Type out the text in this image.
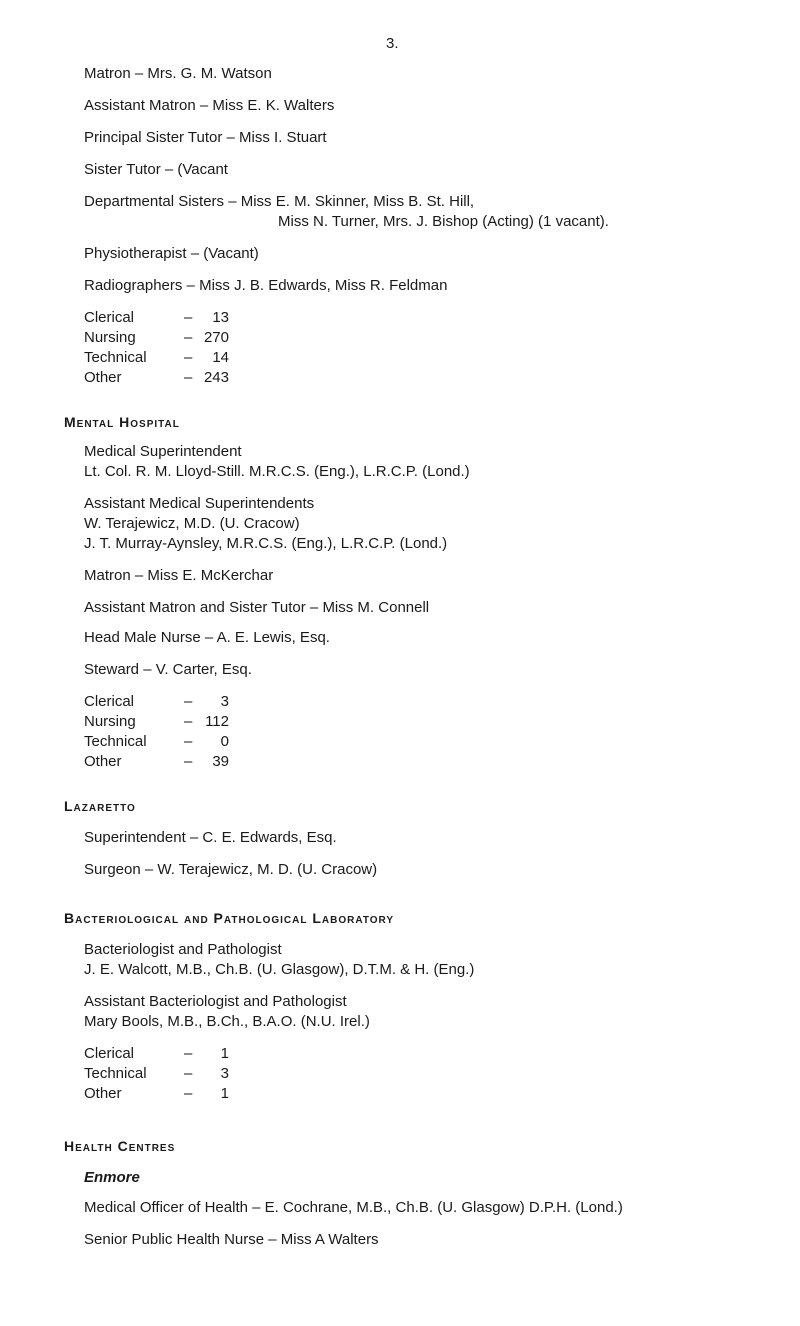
3.
Matron – Mrs. G. M. Watson
Assistant Matron – Miss E. K. Walters
Principal Sister Tutor – Miss I. Stuart
Sister Tutor – (Vacant
Departmental Sisters – Miss E. M. Skinner, Miss B. St. Hill,
Miss N. Turner, Mrs. J. Bishop (Acting) (1 vacant).
Physiotherapist – (Vacant)
Radiographers – Miss J. B. Edwards, Miss R. Feldman
Clerical	–	13
Nursing	– 270
Technical –	14
Other	– 243
Mental Hospital
Medical Superintendent
Lt. Col. R. M. Lloyd-Still. M.R.C.S. (Eng.), L.R.C.P. (Lond.)
Assistant Medical Superintendents
W. Terajewicz, M.D. (U. Cracow)
J. T. Murray-Aynsley, M.R.C.S. (Eng.), L.R.C.P. (Lond.)
Matron – Miss E. McKerchar
Assistant Matron and Sister Tutor – Miss M. Connell
Head Male Nurse – A. E. Lewis, Esq.
Steward – V. Carter, Esq.
Clerical	–	3
Nursing	– 112
Technical –	0
Other	–	39
Lazaretto
Superintendent – C. E. Edwards, Esq.
Surgeon – W. Terajewicz, M. D. (U. Cracow)
Bacteriological and Pathological Laboratory
Bacteriologist and Pathologist
J. E. Walcott, M.B., Ch.B. (U. Glasgow), D.T.M. & H. (Eng.)
Assistant Bacteriologist and Pathologist
Mary Bools, M.B., B.Ch., B.A.O. (N.U. Irel.)
Clerical	–	1
Technical –	3
Other	–	1
Health Centres
Enmore
Medical Officer of Health – E. Cochrane, M.B., Ch.B. (U. Glasgow) D.P.H. (Lond.)
Senior Public Health Nurse – Miss A Walters
